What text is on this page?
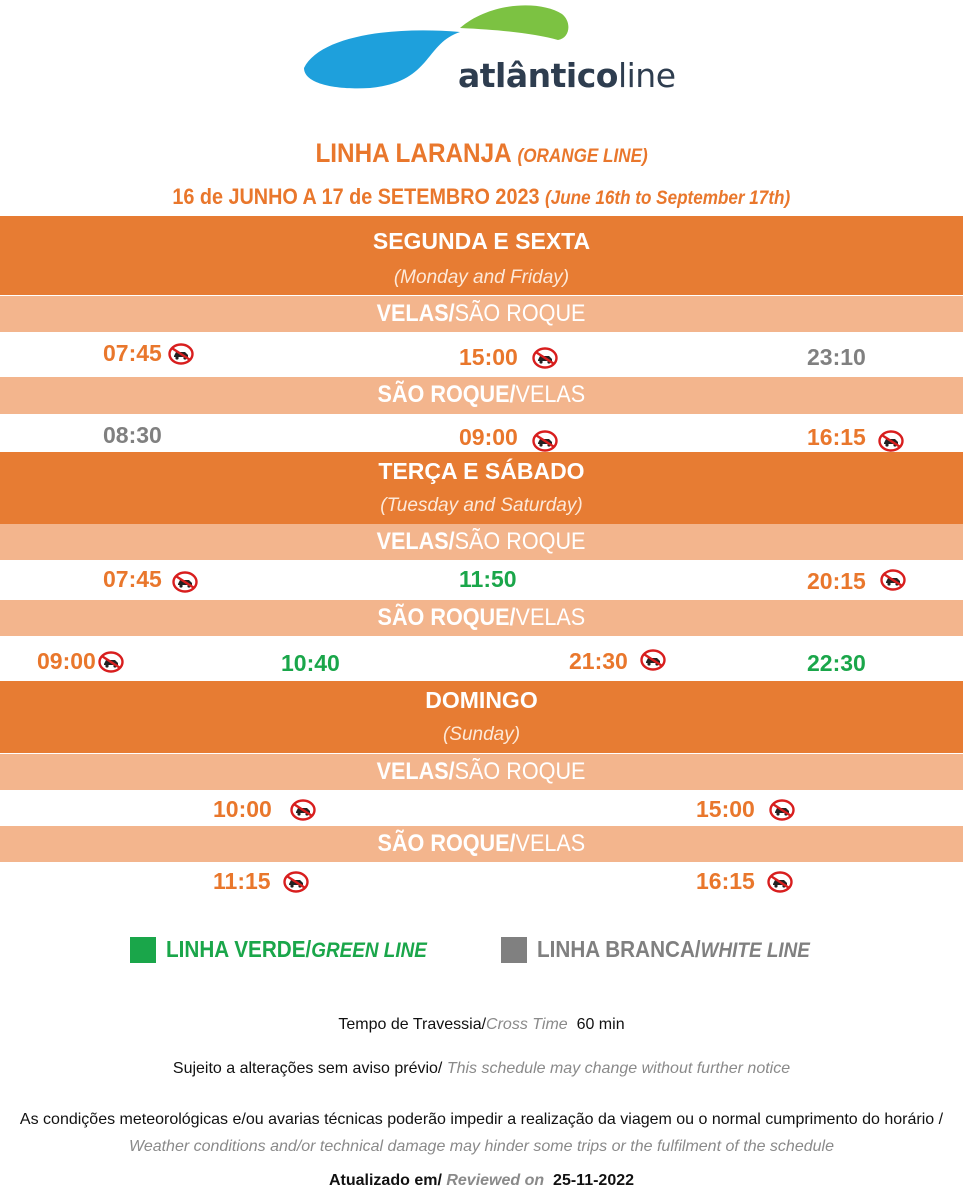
atlânticoline
LINHA LARANJA (ORANGE LINE)
16 de JUNHO A 17 de SETEMBRO 2023 (June 16th to September 17th)
SEGUNDA E SEXTA
(Monday and Friday)
VELAS/SÃO ROQUE
07:45	15:00	23:10
SÃO ROQUE/VELAS
08:30	09:00	16:15
TERÇA E SÁBADO
(Tuesday and Saturday)
VELAS/SÃO ROQUE
07:45	11:50	20:15
SÃO ROQUE/VELAS
09:00	10:40	21:30	22:30
DOMINGO
(Sunday)
VELAS/SÃO ROQUE
10:00	15:00
SÃO ROQUE/VELAS
11:15	16:15
LINHA VERDE/GREEN LINE	LINHA BRANCA/WHITE LINE
Tempo de Travessia/Cross Time 60 min
Sujeito a alterações sem aviso prévio/ This schedule may change without further notice
As condições meteorológicas e/ou avarias técnicas poderão impedir a realização da viagem ou o normal cumprimento do horário / Weather conditions and/or technical damage may hinder some trips or the fulfilment of the schedule
Atualizado em/ Reviewed on 25-11-2022
